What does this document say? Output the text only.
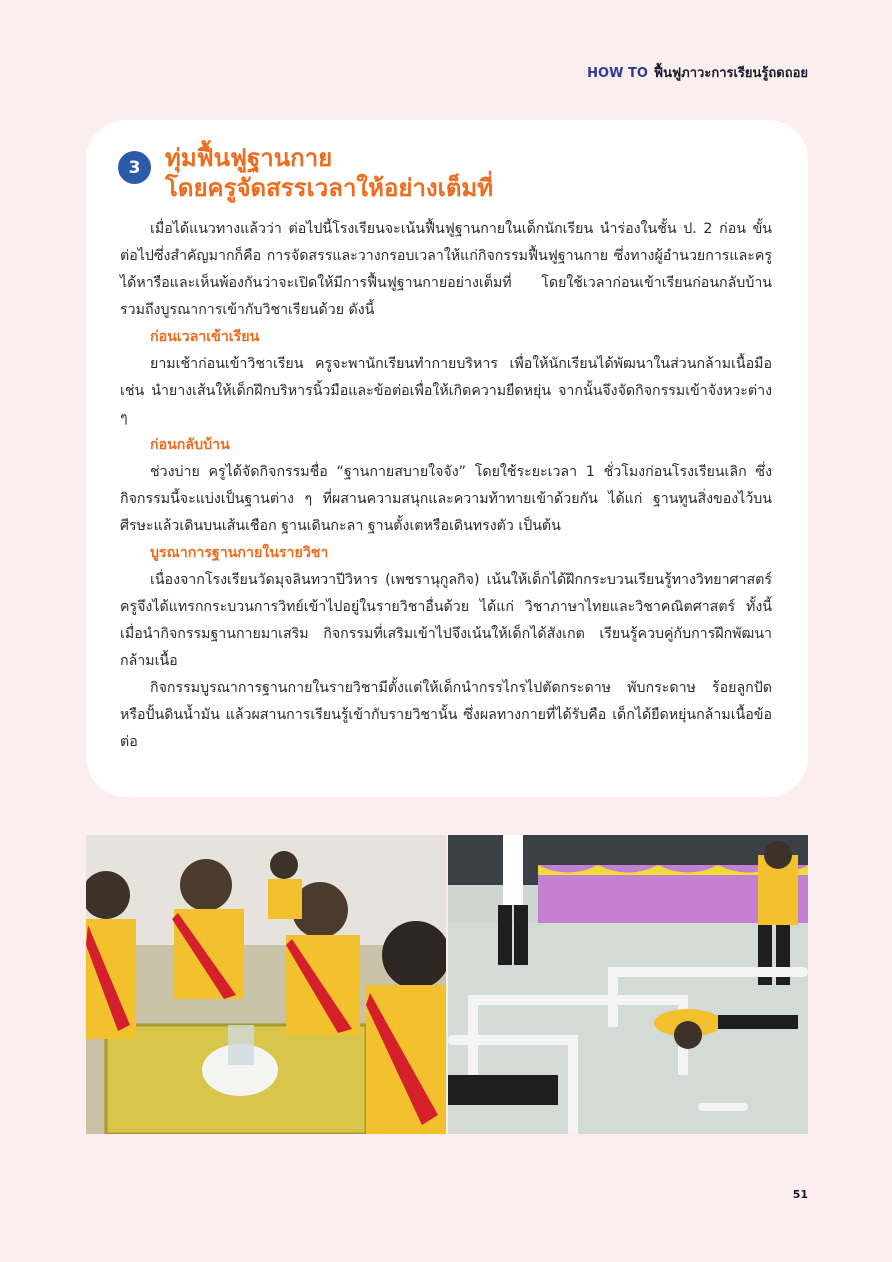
HOW TO ฟื้นฟูภาวะการเรียนรู้ถดถอย
3	ทุ่มฟื้นฟูฐานกาย
โดยครูจัดสรรเวลาให้อย่างเต็มที่

เมื่อได้แนวทางแล้วว่า ต่อไปนี้โรงเรียนจะเน้นฟื้นฟูฐานกายในเด็กนักเรียน นำร่องในชั้น ป. 2 ก่อน ขั้นต่อไปซึ่งสำคัญมากก็คือ การจัดสรรและวางกรอบเวลาให้แก่กิจกรรมฟื้นฟูฐานกาย ซึ่งทางผู้อำนวยการและครูได้หารือและเห็นพ้องกันว่าจะเปิดให้มีการฟื้นฟูฐานกายอย่างเต็มที่ โดยใช้เวลาก่อนเข้าเรียนก่อนกลับบ้าน รวมถึงบูรณาการเข้ากับวิชาเรียนด้วย ดังนี้

ก่อนเวลาเข้าเรียน

ยามเช้าก่อนเข้าวิชาเรียน ครูจะพานักเรียนทำกายบริหาร เพื่อให้นักเรียนได้พัฒนาในส่วนกล้ามเนื้อมือ เช่น นำยางเส้นให้เด็กฝึกบริหารนิ้วมือและข้อต่อเพื่อให้เกิดความยืดหยุ่น จากนั้นจึงจัดกิจกรรมเข้าจังหวะต่าง ๆ

ก่อนกลับบ้าน

ช่วงบ่าย ครูได้จัดกิจกรรมชื่อ “ฐานกายสบายใจจัง” โดยใช้ระยะเวลา 1 ชั่วโมงก่อนโรงเรียนเลิก ซึ่งกิจกรรมนี้จะแบ่งเป็นฐานต่าง ๆ ที่ผสานความสนุกและความท้าทายเข้าด้วยกัน ได้แก่ ฐานทูนสิ่งของไว้บนศีรษะแล้วเดินบนเส้นเชือก ฐานเดินกะลา ฐานตั้งเตหรือเดินทรงตัว เป็นต้น

บูรณาการฐานกายในรายวิชา

เนื่องจากโรงเรียนวัดมุจลินทวาปีวิหาร (เพชรานุกูลกิจ) เน้นให้เด็กได้ฝึกกระบวนเรียนรู้ทางวิทยาศาสตร์ ครูจึงได้แทรกกระบวนการวิทย์เข้าไปอยู่ในรายวิชาอื่นด้วย ได้แก่ วิชาภาษาไทยและวิชาคณิตศาสตร์ ทั้งนี้เมื่อนำกิจกรรมฐานกายมาเสริม กิจกรรมที่เสริมเข้าไปจึงเน้นให้เด็กได้สังเกต เรียนรู้ควบคู่กับการฝึกพัฒนากล้ามเนื้อ

กิจกรรมบูรณาการฐานกายในรายวิชามีตั้งแต่ให้เด็กนำกรรไกรไปตัดกระดาษ พับกระดาษ ร้อยลูกปัด หรือปั้นดินน้ำมัน แล้วผสานการเรียนรู้เข้ากับรายวิชานั้น ซึ่งผลทางกายที่ได้รับคือ เด็กได้ยืดหยุ่นกล้ามเนื้อข้อต่อ

51
